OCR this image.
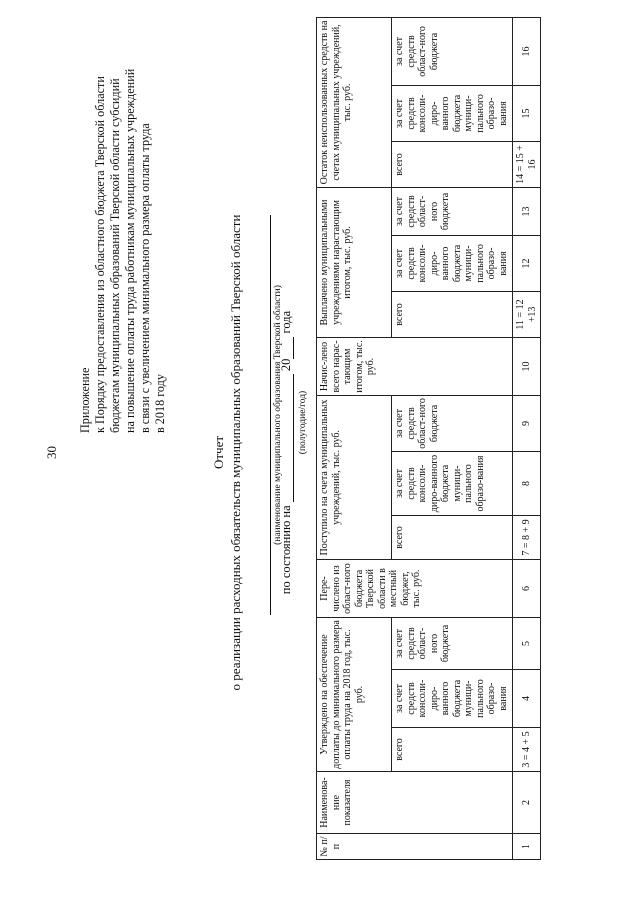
30
Приложение к Порядку предоставления из областного бюджета Тверской области бюджетам муниципальных образований Тверской области субсидий на повышение оплаты труда работникам муниципальных учреждений в связи с увеличением минимального размера оплаты труда в 2018 году
Отчет о реализации расходных обязательств муниципальных образований Тверской области	(наименование муниципального образования Тверской области)
по состоянию на  20 года
(полугодие/год)
№ п/п	Наименова-ние показателя	Утверждено на обеспечение доплаты до минимального размера оплаты труда на 2018 год, тыс. руб.			Пере-числено из област-ного бюджета Тверской области в местный бюджет, тыс. руб.	Поступило на счета муниципальных учреждений, тыс. руб.			Начис-лено всего нарас-тающим итогом, тыс. руб.	Выплачено муниципальными учреждениями нарастающим итогом, тыс. руб.			Остаток неиспользованных средств на счетах муниципальных учреждений, тыс. руб.		
		всего	за счет средств консоли-диро-ванного бюджета муници-пального образо-вания	за счет средств област-ного бюджета		всего	за счет средств консоли-диро-ванного бюджета муници-пального образо-вания	за счет средств област-ного бюджета		всего	за счет средств консоли-диро-ванного бюджета муници-пального образо-вания	за счет средств област-ного бюджета	всего	за счет средств консоли-диро-ванного бюджета муници-пального образо-вания	за счет средств област-ного бюджета
1	2	3 = 4 + 5	4	5	6	7 = 8 + 9	8	9	10	11 = 12 +13	12	13	14 = 15 + 16	15	16
